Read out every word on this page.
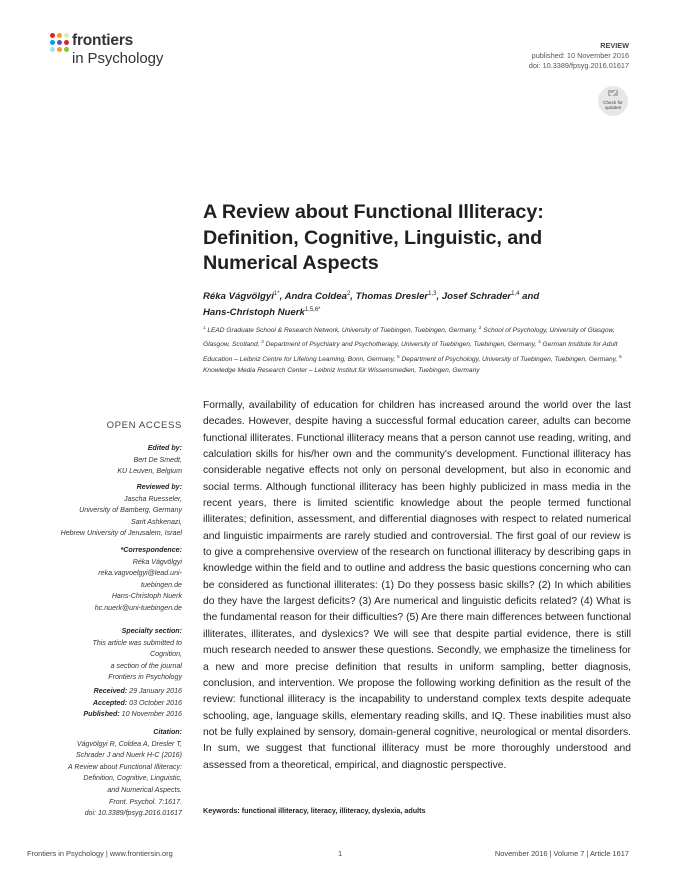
frontiers
in Psychology
REVIEW
published: 10 November 2016
doi: 10.3389/fpsyg.2016.01617
Check for
updates
A Review about Functional Illiteracy:
Definition, Cognitive, Linguistic, and
Numerical Aspects
Réka Vágvölgyi$^{1*}$, Andra Coldea$^2$, Thomas Dresler$^{1,3}$, Josef Schrader$^{1,4}$ and
Hans-Christoph Nuerk$^{1,5,6*}$
$^1$ LEAD Graduate School & Research Network, University of Tuebingen, Tuebingen, Germany, $^2$ School of Psychology, University of Glasgow, Glasgow, Scotland, $^3$ Department of Psychiatry and Psychotherapy, University of Tuebingen, Tuebingen, Germany, $^4$ German Institute for Adult Education – Leibniz Centre for Lifelong Learning, Bonn, Germany, $^5$ Department of Psychology, University of Tuebingen, Tuebingen, Germany, $^6$ Knowledge Media Research Center – Leibniz Institut für Wissensmedien, Tuebingen, Germany
OPEN ACCESS
Edited by:
Bert De Smedt,
KU Leuven, Belgium
Reviewed by:
Jascha Ruesseler,
University of Bamberg, Germany
Sarit Ashkenazi,
Hebrew University of Jerusalem, Israel
*Correspondence:
Réka Vágvölgyi
reka.vagvoelgyi@lead.uni-
tuebingen.de
Hans-Christoph Nuerk
hc.nuerk@uni-tuebingen.de
Specialty section:
This article was submitted to
Cognition,
a section of the journal
Frontiers in Psychology
Received: 29 January 2016
Accepted: 03 October 2016
Published: 10 November 2016
Citation:
Vágvölgyi R, Coldea A, Dresler T,
Schrader J and Nuerk H-C (2016)
A Review about Functional Illiteracy:
Definition, Cognitive, Linguistic,
and Numerical Aspects.
Front. Psychol. 7:1617.
doi: 10.3389/fpsyg.2016.01617
Formally, availability of education for children has increased around the world over the last decades. However, despite having a successful formal education career, adults can become functional illiterates. Functional illiteracy means that a person cannot use reading, writing, and calculation skills for his/her own and the community's development. Functional illiteracy has considerable negative effects not only on personal development, but also in economic and social terms. Although functional illiteracy has been highly publicized in mass media in the recent years, there is limited scientific knowledge about the people termed functional illiterates; definition, assessment, and differential diagnoses with respect to related numerical and linguistic impairments are rarely studied and controversial. The first goal of our review is to give a comprehensive overview of the research on functional illiteracy by describing gaps in knowledge within the field and to outline and address the basic questions concerning who can be considered as functional illiterates: (1) Do they possess basic skills? (2) In which abilities do they have the largest deficits? (3) Are numerical and linguistic deficits related? (4) What is the fundamental reason for their difficulties? (5) Are there main differences between functional illiterates, illiterates, and dyslexics? We will see that despite partial evidence, there is still much research needed to answer these questions. Secondly, we emphasize the timeliness for a new and more precise definition that results in uniform sampling, better diagnosis, conclusion, and intervention. We propose the following working definition as the result of the review: functional illiteracy is the incapability to understand complex texts despite adequate schooling, age, language skills, elementary reading skills, and IQ. These inabilities must also not be fully explained by sensory, domain-general cognitive, neurological or mental disorders. In sum, we suggest that functional illiteracy must be more thoroughly understood and assessed from a theoretical, empirical, and diagnostic perspective.
Keywords: functional illiteracy, literacy, illiteracy, dyslexia, adults
Frontiers in Psychology | www.frontiersin.org	1	November 2016 | Volume 7 | Article 1617
